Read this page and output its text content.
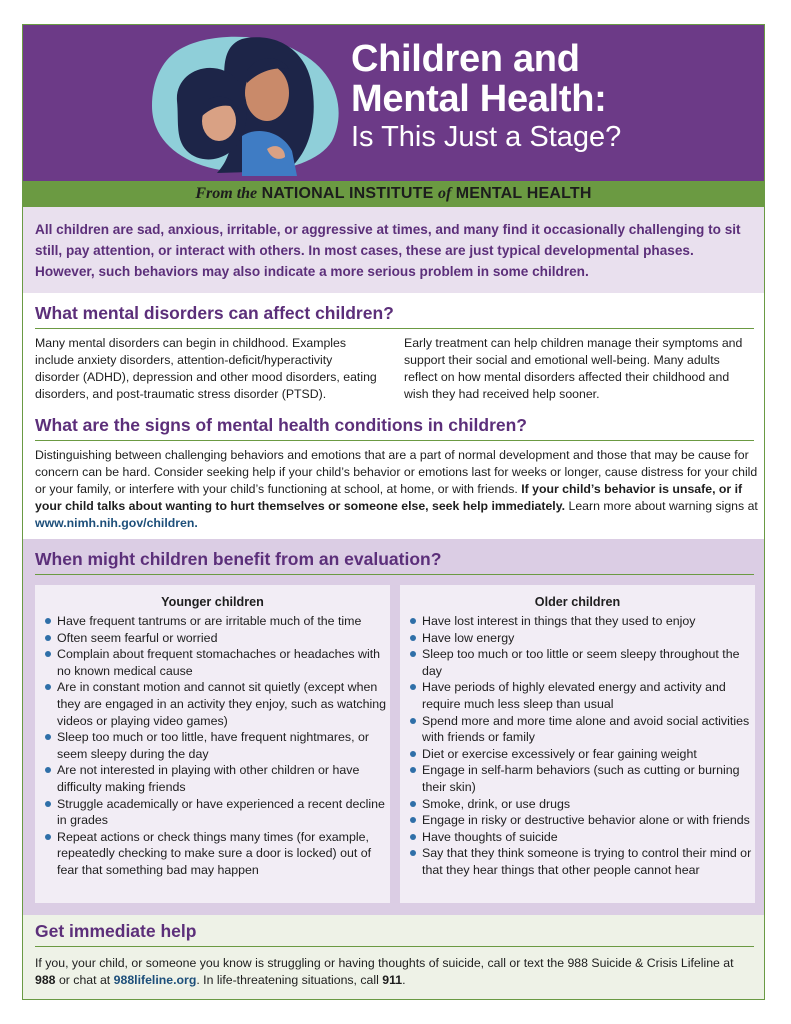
Children and
Mental Health:
Is This Just a Stage?
From the NATIONAL INSTITUTE of MENTAL HEALTH

All children are sad, anxious, irritable, or aggressive at times, and many find it occasionally challenging to sit still, pay attention, or interact with others. In most cases, these are just typical developmental phases. However, such behaviors may also indicate a more serious problem in some children.

What mental disorders can affect children?

Many mental disorders can begin in childhood. Examples include anxiety disorders, attention-deficit/hyperactivity disorder (ADHD), depression and other mood disorders, eating disorders, and post-traumatic stress disorder (PTSD).

Early treatment can help children manage their symptoms and support their social and emotional well-being. Many adults reflect on how mental disorders affected their childhood and wish they had received help sooner.

What are the signs of mental health conditions in children?

Distinguishing between challenging behaviors and emotions that are a part of normal development and those that may be cause for concern can be hard. Consider seeking help if your child’s behavior or emotions last for weeks or longer, cause distress for your child or your family, or interfere with your child’s functioning at school, at home, or with friends. If your child’s behavior is unsafe, or if your child talks about wanting to hurt themselves or someone else, seek help immediately. Learn more about warning signs at www.nimh.nih.gov/children.

When might children benefit from an evaluation?
Younger children
Have frequent tantrums or are irritable much of the time
Often seem fearful or worried
Complain about frequent stomachaches or headaches with no known medical cause
Are in constant motion and cannot sit quietly (except when they are engaged in an activity they enjoy, such as watching videos or playing video games)
Sleep too much or too little, have frequent nightmares, or seem sleepy during the day
Are not interested in playing with other children or have difficulty making friends
Struggle academically or have experienced a recent decline in grades
Repeat actions or check things many times (for example, repeatedly checking to make sure a door is locked) out of fear that something bad may happen
Older children
Have lost interest in things that they used to enjoy
Have low energy
Sleep too much or too little or seem sleepy throughout the day
Have periods of highly elevated energy and activity and require much less sleep than usual
Spend more and more time alone and avoid social activities with friends or family
Diet or exercise excessively or fear gaining weight
Engage in self-harm behaviors (such as cutting or burning their skin)
Smoke, drink, or use drugs
Engage in risky or destructive behavior alone or with friends
Have thoughts of suicide
Say that they think someone is trying to control their mind or that they hear things that other people cannot hear
Get immediate help

If you, your child, or someone you know is struggling or having thoughts of suicide, call or text the 988 Suicide & Crisis Lifeline at 988 or chat at 988lifeline.org. In life-threatening situations, call 911.
